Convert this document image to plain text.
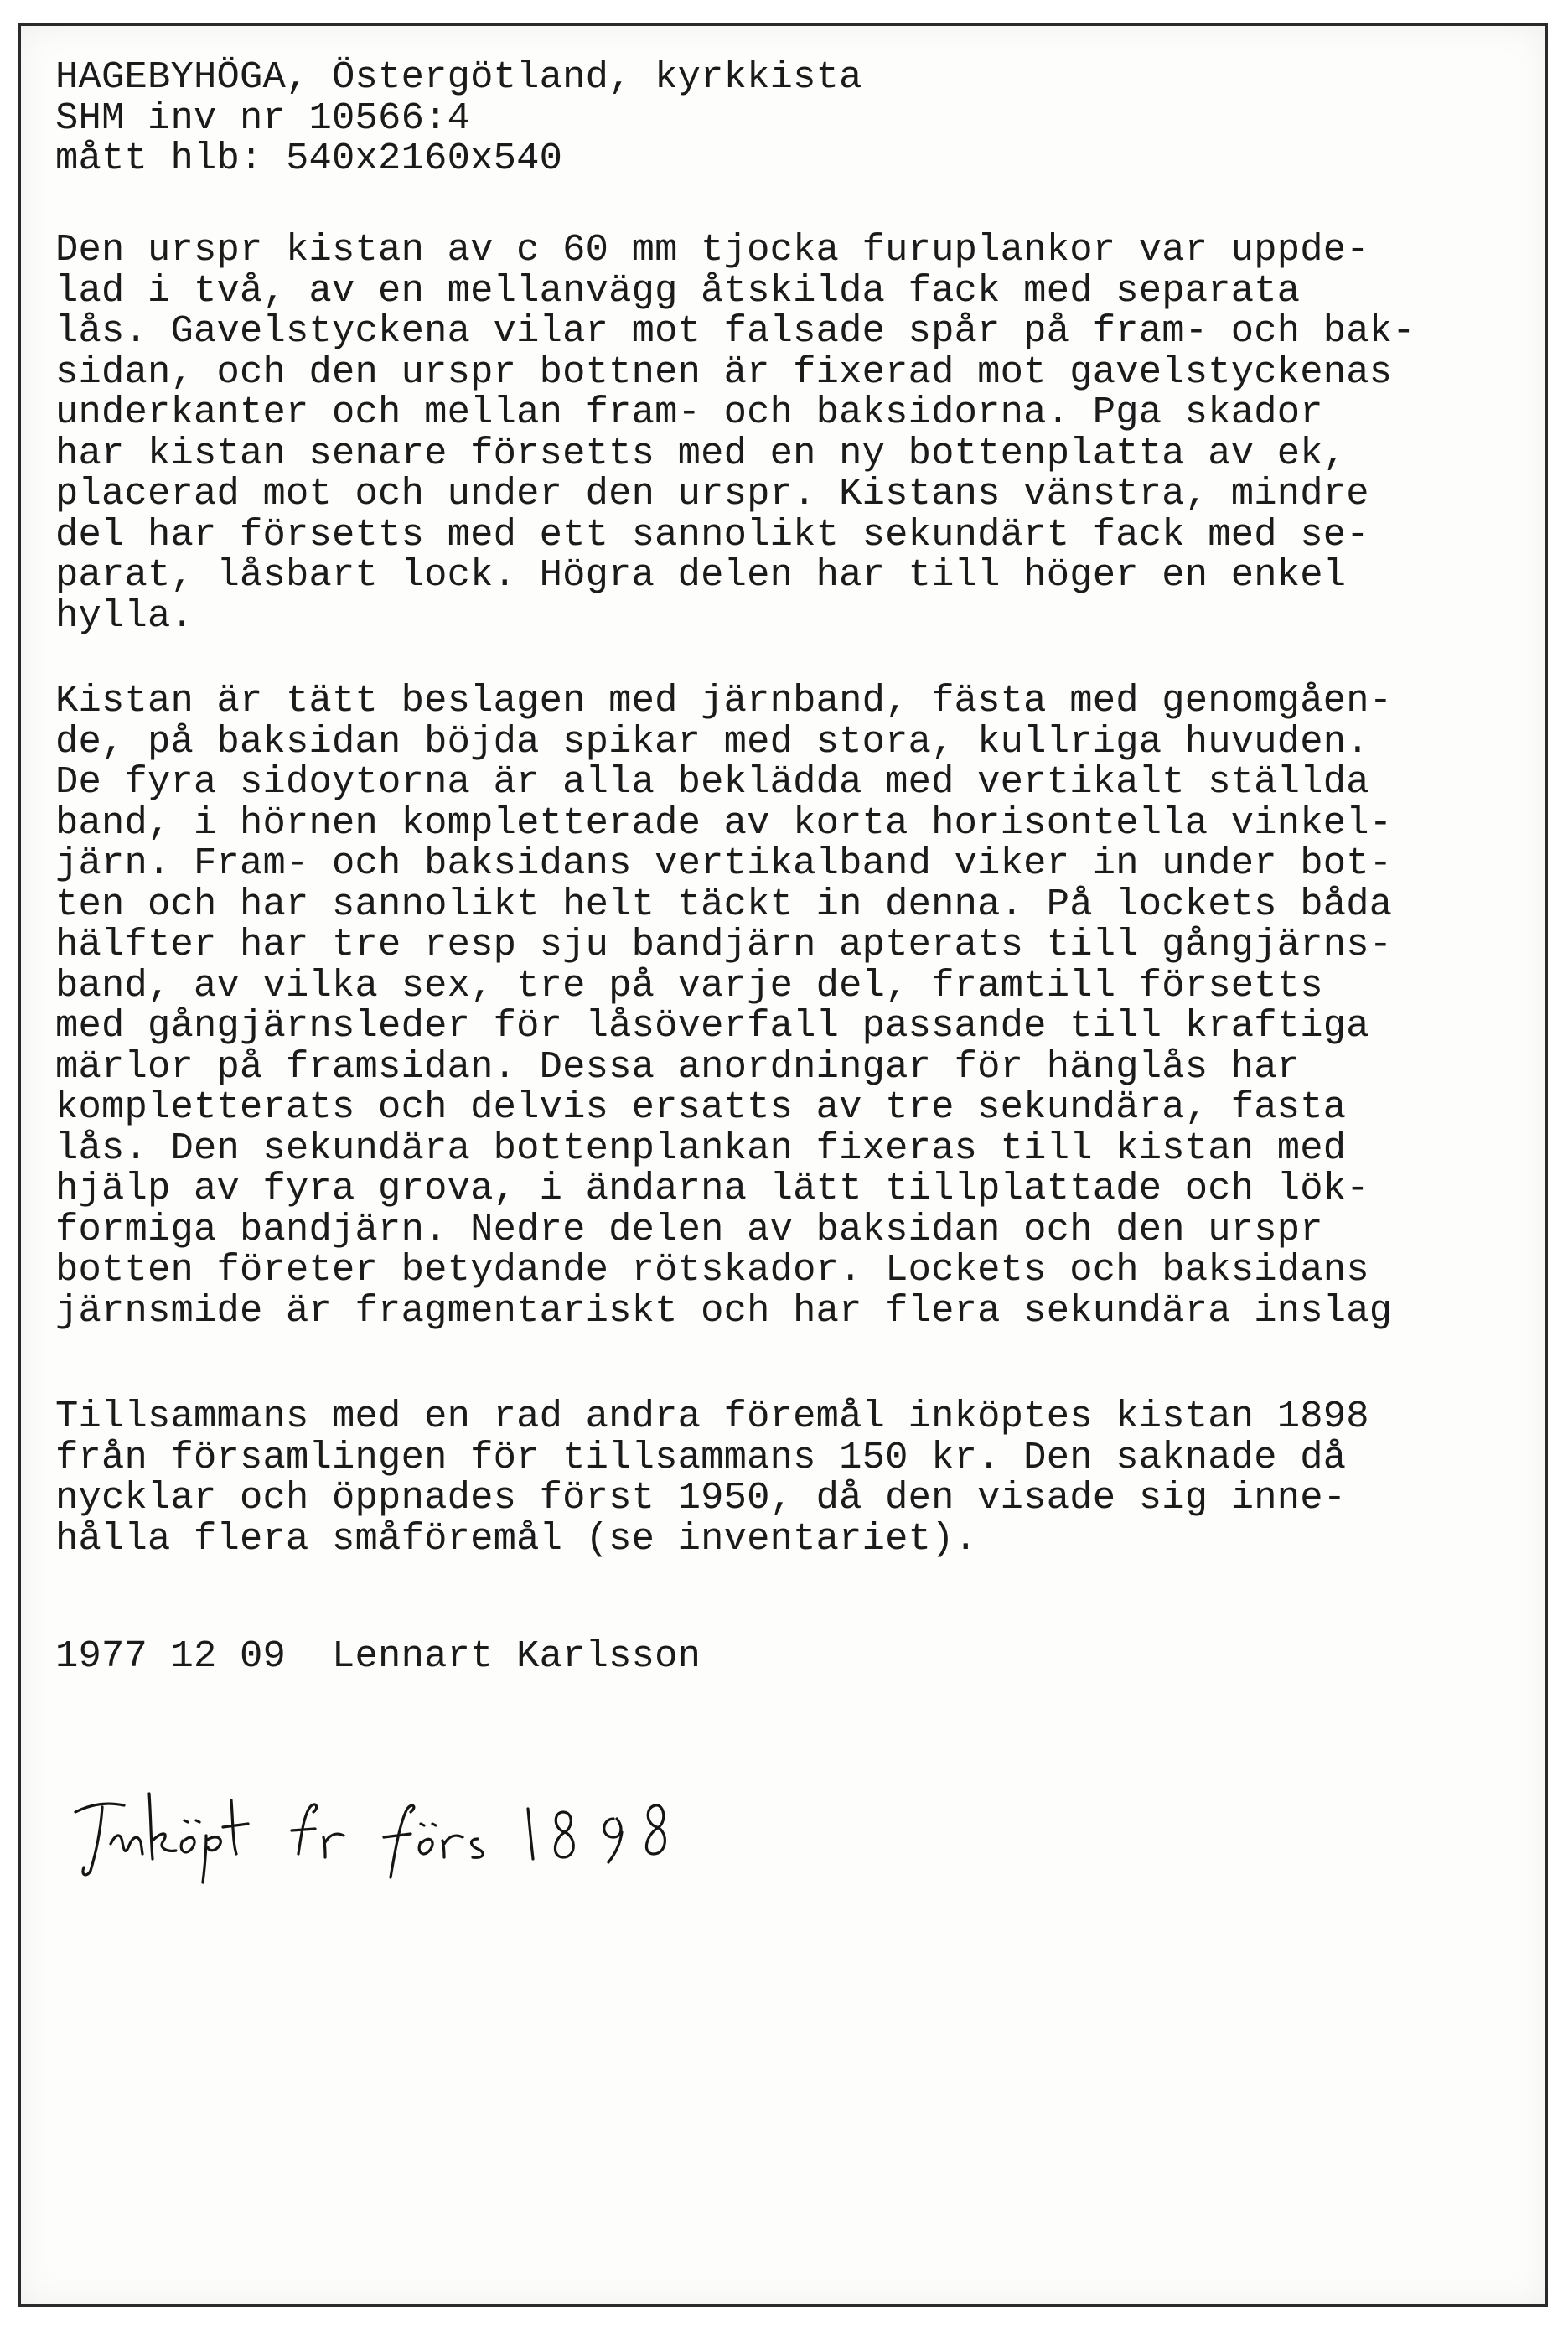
HAGEBYHÖGA, Östergötland, kyrkkista
SHM inv nr 10566:4
mått hlb: 540x2160x540
Den urspr kistan av c 60 mm tjocka furuplankor var uppde-
lad i två, av en mellanvägg åtskilda fack med separata
lås. Gavelstyckena vilar mot falsade spår på fram- och bak-
sidan, och den urspr bottnen är fixerad mot gavelstyckenas
underkanter och mellan fram- och baksidorna. Pga skador
har kistan senare försetts med en ny bottenplatta av ek,
placerad mot och under den urspr. Kistans vänstra, mindre
del har försetts med ett sannolikt sekundärt fack med se-
parat, låsbart lock. Högra delen har till höger en enkel
hylla.
Kistan är tätt beslagen med järnband, fästa med genomgåen-
de, på baksidan böjda spikar med stora, kullriga huvuden.
De fyra sidoytorna är alla beklädda med vertikalt ställda
band, i hörnen kompletterade av korta horisontella vinkel-
järn. Fram- och baksidans vertikalband viker in under bot-
ten och har sannolikt helt täckt in denna. På lockets båda
hälfter har tre resp sju bandjärn apterats till gångjärns-
band, av vilka sex, tre på varje del, framtill försetts
med gångjärnsleder för låsöverfall passande till kraftiga
märlor på framsidan. Dessa anordningar för hänglås har
kompletterats och delvis ersatts av tre sekundära, fasta
lås. Den sekundära bottenplankan fixeras till kistan med
hjälp av fyra grova, i ändarna lätt tillplattade och lök-
formiga bandjärn. Nedre delen av baksidan och den urspr
botten företer betydande rötskador. Lockets och baksidans
järnsmide är fragmentariskt och har flera sekundära inslag
Tillsammans med en rad andra föremål inköptes kistan 1898
från församlingen för tillsammans 150 kr. Den saknade då
nycklar och öppnades först 1950, då den visade sig inne-
hålla flera småföremål (se inventariet).
1977 12 09  Lennart Karlsson
